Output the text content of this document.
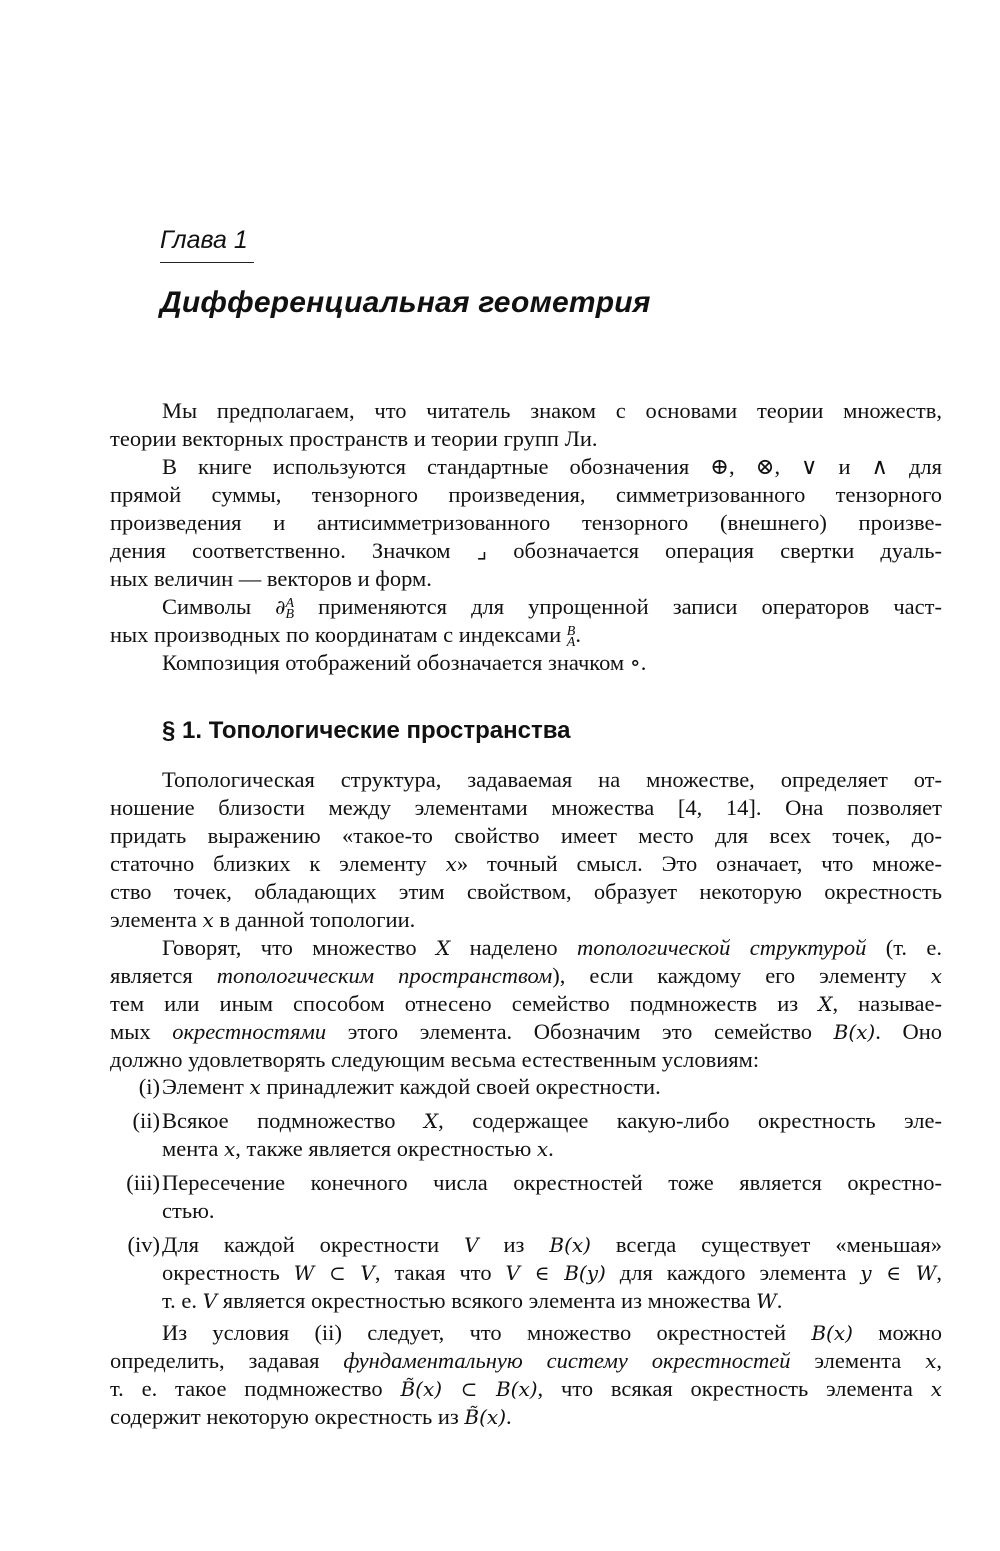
Глава 1
Дифференциальная геометрия
Мы предполагаем, что читатель знаком с основами теории множеств,
теории векторных пространств и теории групп Ли.
В книге используются стандартные обозначения ⊕, ⊗, ∨ и ∧ для
прямой суммы, тензорного произведения, симметризованного тензорного
произведения и антисимметризованного тензорного (внешнего) произве-
дения соответственно. Значком ⌟ обозначается операция свертки дуаль-
ных величин — векторов и форм.
Символы ∂ A
B применяются для упрощенной записи операторов част-
ных производных по координатам с индексами B
A .
Композиция отображений обозначается значком ∘.
§ 1. Топологические пространства
Топологическая структура, задаваемая на множестве, определяет от-
ношение близости между элементами множества [4, 14]. Она позволяет
придать выражению «такое-то свойство имеет место для всех точек, до-
статочно близких к элементу x» точный смысл. Это означает, что множе-
ство точек, обладающих этим свойством, образует некоторую окрестность
элемента x в данной топологии.
Говорят, что множество X наделено топологической структурой (т. е.
является топологическим пространством), если каждому его элементу x
тем или иным способом отнесено семейство подмножеств из X, называе-
мых окрестностями этого элемента. Обозначим это семейство B(x). Оно
должно удовлетворять следующим весьма естественным условиям:
(i) Элемент x принадлежит каждой своей окрестности.
(ii) Всякое подмножество X, содержащее какую-либо окрестность эле-
мента x, также является окрестностью x.
(iii) Пересечение конечного числа окрестностей тоже является окрестно-
стью.
(iv) Для каждой окрестности V из B(x) всегда существует «меньшая»
окрестность W ⊂ V, такая что V ∈ B(y) для каждого элемента y ∈ W,
т. е. V является окрестностью всякого элемента из множества W.
Из условия (ii) следует, что множество окрестностей B(x) можно
определить, задавая фундаментальную систему окрестностей элемента x,
т. е. такое подмножество B̃(x) ⊂ B(x), что всякая окрестность элемента x
содержит некоторую окрестность из B̃(x).
